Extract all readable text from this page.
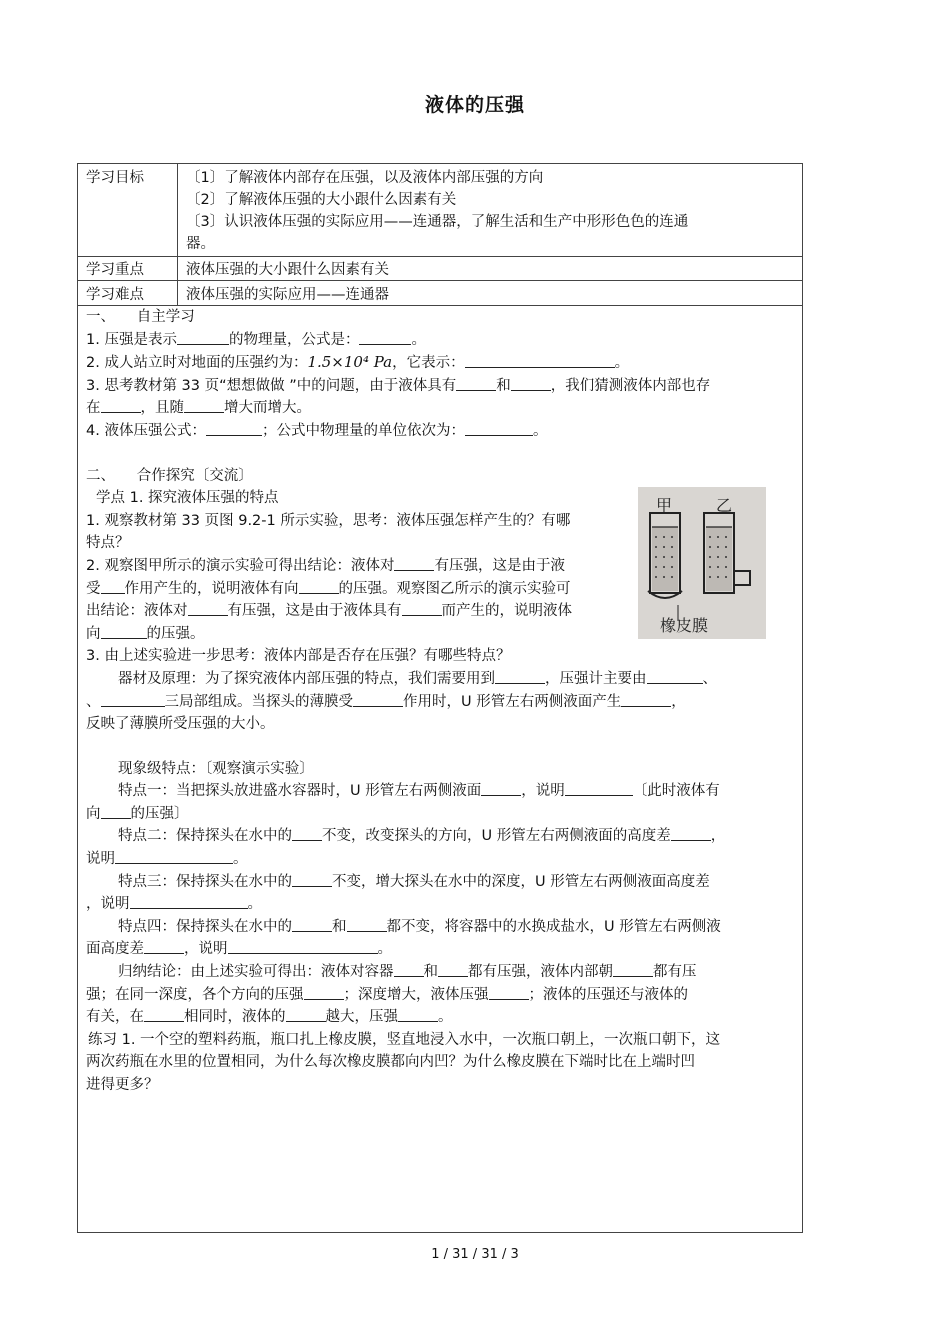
液体的压强
学习目标	〔1〕了解液体内部存在压强，以及液体内部压强的方向
〔2〕了解液体压强的大小跟什么因素有关
〔3〕认识液体压强的实际应用——连通器，了解生活和生产中形形色色的连通
器。
学习重点	液体压强的大小跟什么因素有关
学习难点	液体压强的实际应用——连通器
一、　　自主学习
1. 压强是表示	的物理量，公式是：	。
2. 成人站立时对地面的压强约为：1.5×10⁴ Pa，它表示：	。
3. 思考教材第 33 页“想想做做 ”中的问题，由于液体具有	和	，我们猜测液体内部也存
在	，且随	增大而增大。
4. 液体压强公式：	；公式中物理量的单位依次为：	。
二、　　合作探究〔交流〕
学点 1. 探究液体压强的特点
1. 观察教材第 33 页图 9.2-1 所示实验，思考：液体压强怎样产生的？有哪
特点？
2. 观察图甲所示的演示实验可得出结论：液体对	有压强，这是由于液
受 作用产生的，说明液体有向	的压强。观察图乙所示的演示实验可
出结论：液体对	有压强，这是由于液体具有	而产生的，说明液体
向	的压强。
3. 由上述实验进一步思考：液体内部是否存在压强？有哪些特点？
器材及原理：为了探究液体内部压强的特点，我们需要用到	，压强计主要由	、
、	三局部组成。当探头的薄膜受	作用时，U 形管左右两侧液面产生	，
反映了薄膜所受压强的大小。
现象级特点：〔观察演示实验〕
特点一：当把探头放进盛水容器时，U 形管左右两侧液面	，说明	〔此时液体有
向 的压强〕
特点二：保持探头在水中的 不变，改变探头的方向，U 形管左右两侧液面的高度差	，
说明	。
特点三：保持探头在水中的	不变，增大探头在水中的深度，U 形管左右两侧液面高度差
，说明	。
特点四：保持探头在水中的	和	都不变，将容器中的水换成盐水，U 形管左右两侧液
面高度差	，说明	。
归纳结论：由上述实验可得出：液体对容器 和 都有压强，液体内部朝	都有压
强；在同一深度，各个方向的压强	；深度增大，液体压强	；液体的压强还与液体的
有关，在	相同时，液体的	越大，压强	。
练习 1. 一个空的塑料药瓶，瓶口扎上橡皮膜，竖直地浸入水中，一次瓶口朝上，一次瓶口朝下，这
两次药瓶在水里的位置相同，为什么每次橡皮膜都向内凹？为什么橡皮膜在下端时比在上端时凹
进得更多？
甲	乙
橡皮膜
1 / 31 / 31 / 3
